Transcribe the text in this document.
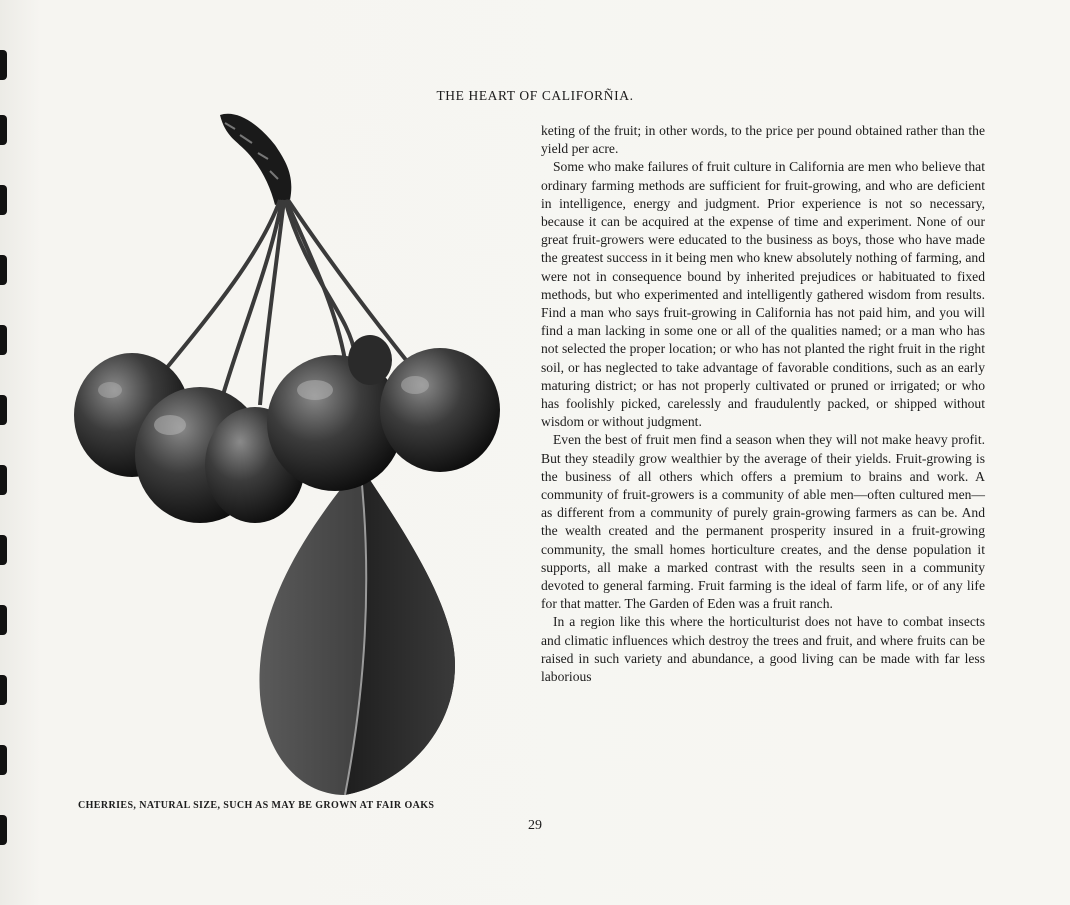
THE HEART OF CALIFORÑIA.
CHERRIES, NATURAL SIZE, SUCH AS MAY BE GROWN AT FAIR OAKS

keting of the fruit; in other words, to the price per pound obtained rather than the yield per acre.

Some who make failures of fruit culture in California are men who believe that ordinary farming methods are sufficient for fruit-growing, and who are deficient in intelligence, energy and judgment. Prior experience is not so necessary, because it can be acquired at the expense of time and experiment. None of our great fruit-growers were educated to the business as boys, those who have made the greatest success in it being men who knew absolutely nothing of farming, and were not in consequence bound by inherited prejudices or habituated to fixed methods, but who experimented and intelligently gathered wisdom from results. Find a man who says fruit-growing in California has not paid him, and you will find a man lacking in some one or all of the qualities named; or a man who has not selected the proper location; or who has not planted the right fruit in the right soil, or has neglected to take advantage of favorable conditions, such as an early maturing district; or has not properly cultivated or pruned or irrigated; or who has foolishly picked, carelessly and fraudulently packed, or shipped without wisdom or without judgment.

Even the best of fruit men find a season when they will not make heavy profit. But they steadily grow wealthier by the average of their yields. Fruit-growing is the business of all others which offers a premium to brains and work. A community of fruit-growers is a community of able men—often cultured men—as different from a community of purely grain-growing farmers as can be. And the wealth created and the permanent prosperity insured in a fruit-growing community, the small homes horticulture creates, and the dense population it supports, all make a marked contrast with the results seen in a community devoted to general farming. Fruit farming is the ideal of farm life, or of any life for that matter. The Garden of Eden was a fruit ranch.

In a region like this where the horticulturist does not have to combat insects and climatic influences which destroy the trees and fruit, and where fruits can be raised in such variety and abundance, a good living can be made with far less laborious

29
